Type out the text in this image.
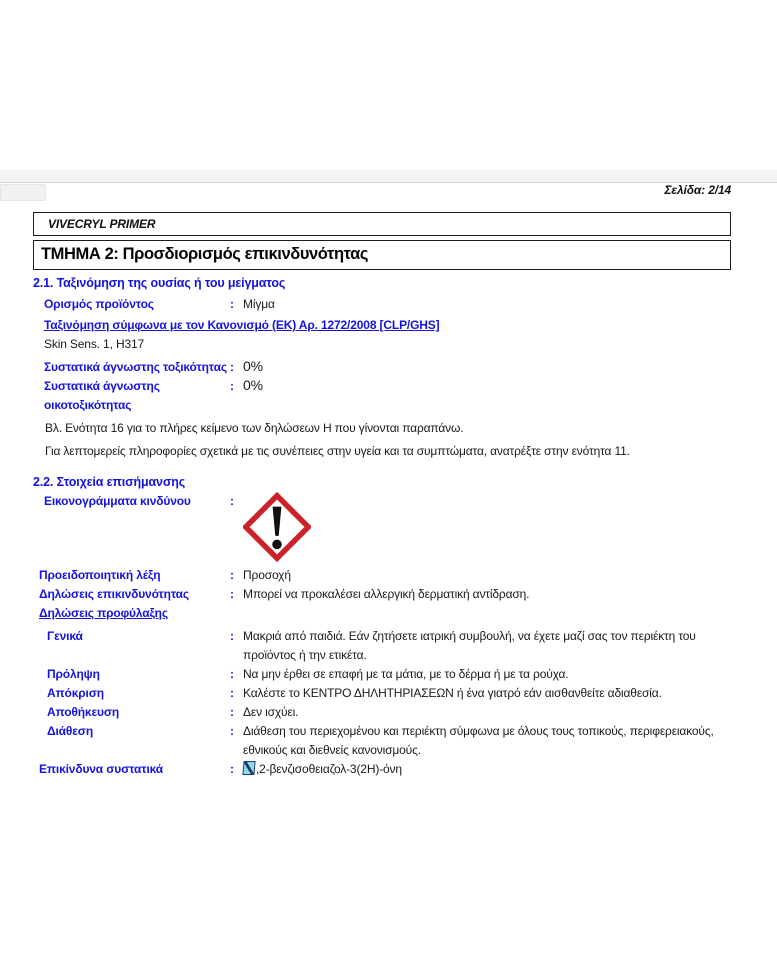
Σελίδα: 2/14
VIVECRYL PRIMER
ΤΜΗΜΑ 2: Προσδιορισμός επικινδυνότητας
2.1. Ταξινόμηση της ουσίας ή του μείγματος
Ορισμός προϊόντος	: Μίγμα
Ταξινόμηση σύμφωνα με τον Κανονισμό (ΕΚ) Αρ. 1272/2008 [CLP/GHS]
Skin Sens. 1, H317
Συστατικά άγνωστης τοξικότητας : 0%
Συστατικά άγνωστης οικοτοξικότητας
: 0%
Βλ. Ενότητα 16 για το πλήρες κείμενο των δηλώσεων Η που γίνονται παραπάνω.
Για λεπτομερείς πληροφορίες σχετικά με τις συνέπειες στην υγεία και τα συμπτώματα, ανατρέξτε στην ενότητα 11.
2.2. Στοιχεία επισήμανσης
Εικονογράμματα κινδύνου	:
Προειδοποιητική λέξη	: Προσοχή
Δηλώσεις επικινδυνότητας	: Μπορεί να προκαλέσει αλλεργική δερματική αντίδραση.
Δηλώσεις προφύλαξης
Γενικά	: Μακριά από παιδιά. Εάν ζητήσετε ιατρική συμβουλή, να έχετε μαζί σας τον περιέκτη του προϊόντος ή την ετικέτα.
Πρόληψη	: Να μην έρθει σε επαφή με τα μάτια, με το δέρμα ή με τα ρούχα.
Απόκριση	: Καλέστε το ΚΕΝΤΡΟ ΔΗΛΗΤΗΡΙΑΣΕΩΝ ή ένα γιατρό εάν αισθανθείτε αδιαθεσία.
Αποθήκευση	: Δεν ισχύει.
Διάθεση	: Διάθεση του περιεχομένου και περιέκτη σύμφωνα με όλους τους τοπικούς, περιφερειακούς, εθνικούς και διεθνείς κανονισμούς.
Επικίνδυνα συστατικά	:	,2-βενζισοθειαζολ-3(2H)-όνη
